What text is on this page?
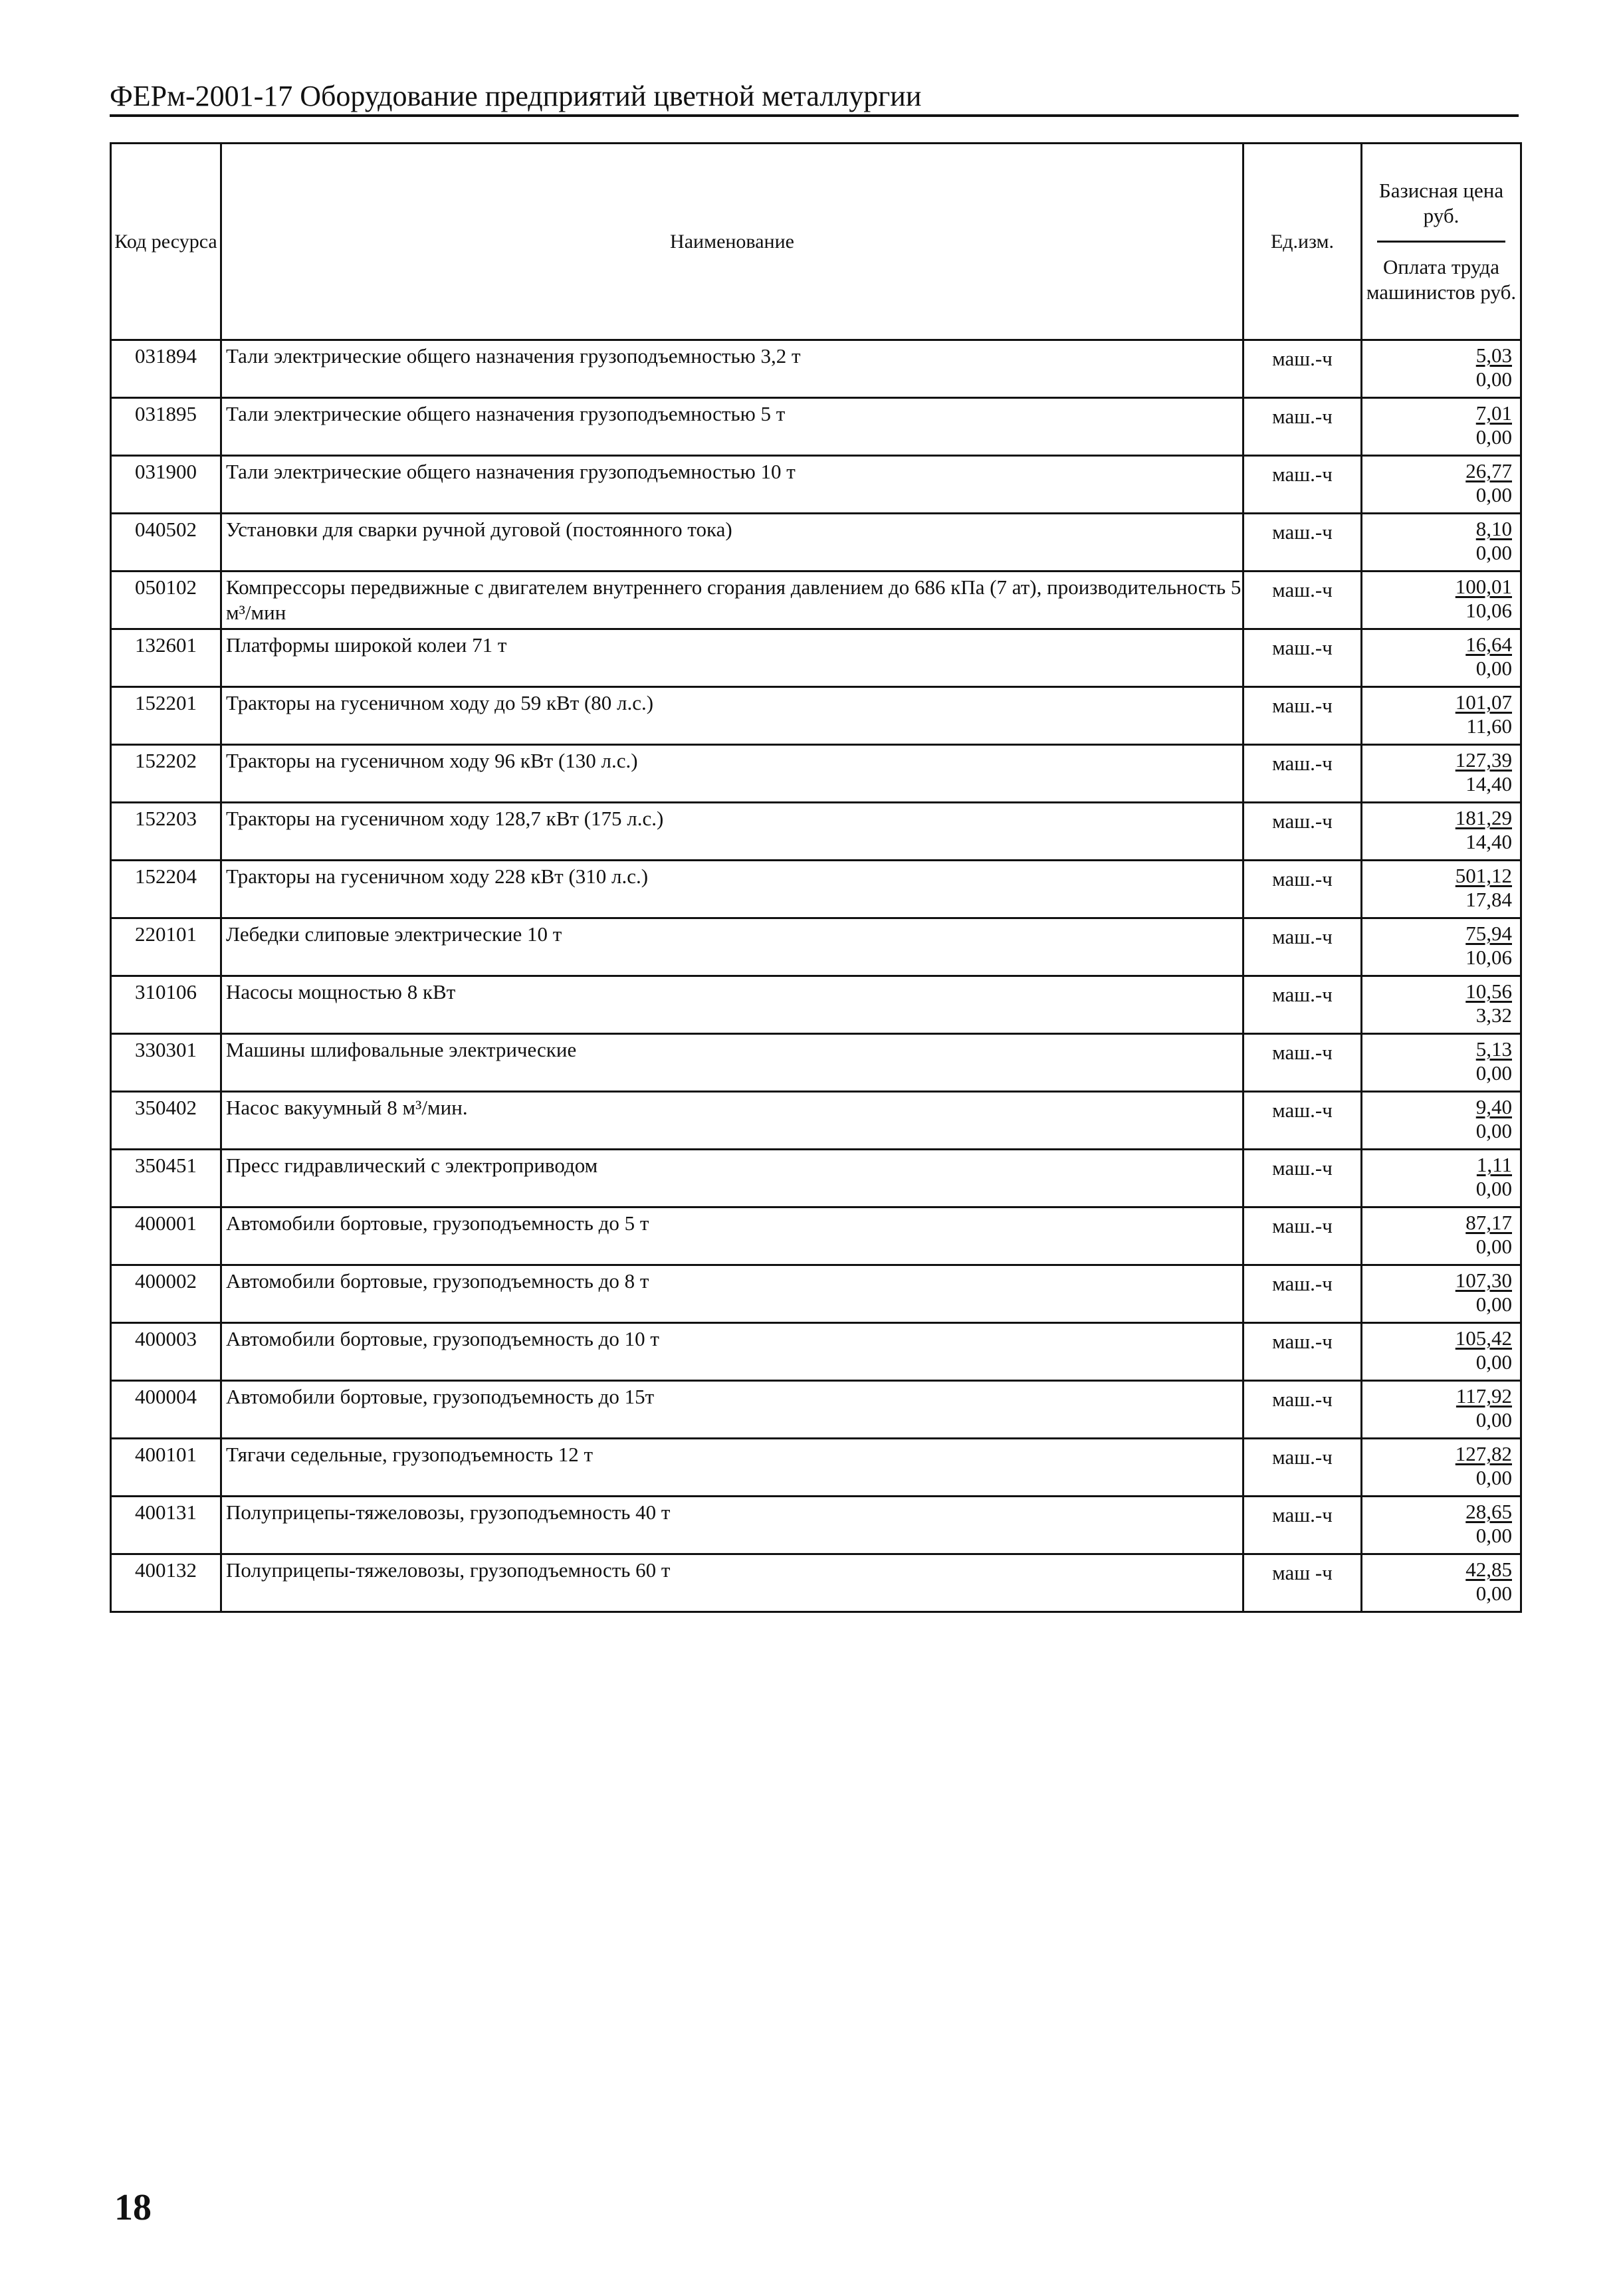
ФЕРм-2001-17 Оборудование предприятий цветной металлургии
Код ресурса	Наименование	Ед.изм.	Базисная цена руб.
Оплата труда машинистов руб.

031894	Тали электрические общего назначения грузоподъемностью 3,2 т	маш.-ч	5,03
0,00

031895	Тали электрические общего назначения грузоподъемностью 5 т	маш.-ч	7,01
0,00

031900	Тали электрические общего назначения грузоподъемностью 10 т	маш.-ч	26,77
0,00

040502	Установки для сварки ручной дуговой (постоянного тока)	маш.-ч	8,10
0,00

050102	Компрессоры передвижные с двигателем внутреннего сгорания давлением до 686 кПа (7 ат), производительность 5 м³/мин	маш.-ч	100,01
10,06

132601	Платформы широкой колеи 71 т	маш.-ч	16,64
0,00

152201	Тракторы на гусеничном ходу до 59 кВт (80 л.с.)	маш.-ч	101,07
11,60

152202	Тракторы на гусеничном ходу 96 кВт (130 л.с.)	маш.-ч	127,39
14,40

152203	Тракторы на гусеничном ходу 128,7 кВт (175 л.с.)	маш.-ч	181,29
14,40

152204	Тракторы на гусеничном ходу 228 кВт (310 л.с.)	маш.-ч	501,12
17,84

220101	Лебедки слиповые электрические 10 т	маш.-ч	75,94
10,06

310106	Насосы мощностью 8 кВт	маш.-ч	10,56
3,32

330301	Машины шлифовальные электрические	маш.-ч	5,13
0,00

350402	Насос вакуумный 8 м³/мин.	маш.-ч	9,40
0,00

350451	Пресс гидравлический с электроприводом	маш.-ч	1,11
0,00

400001	Автомобили бортовые, грузоподъемность до 5 т	маш.-ч	87,17
0,00

400002	Автомобили бортовые, грузоподъемность до 8 т	маш.-ч	107,30
0,00

400003	Автомобили бортовые, грузоподъемность до 10 т	маш.-ч	105,42
0,00

400004	Автомобили бортовые, грузоподъемность до 15т	маш.-ч	117,92
0,00

400101	Тягачи седельные, грузоподъемность 12 т	маш.-ч	127,82
0,00

400131	Полуприцепы-тяжеловозы, грузоподъемность 40 т	маш.-ч	28,65
0,00

400132	Полуприцепы-тяжеловозы, грузоподъемность 60 т	маш -ч	42,85
0,00
18
